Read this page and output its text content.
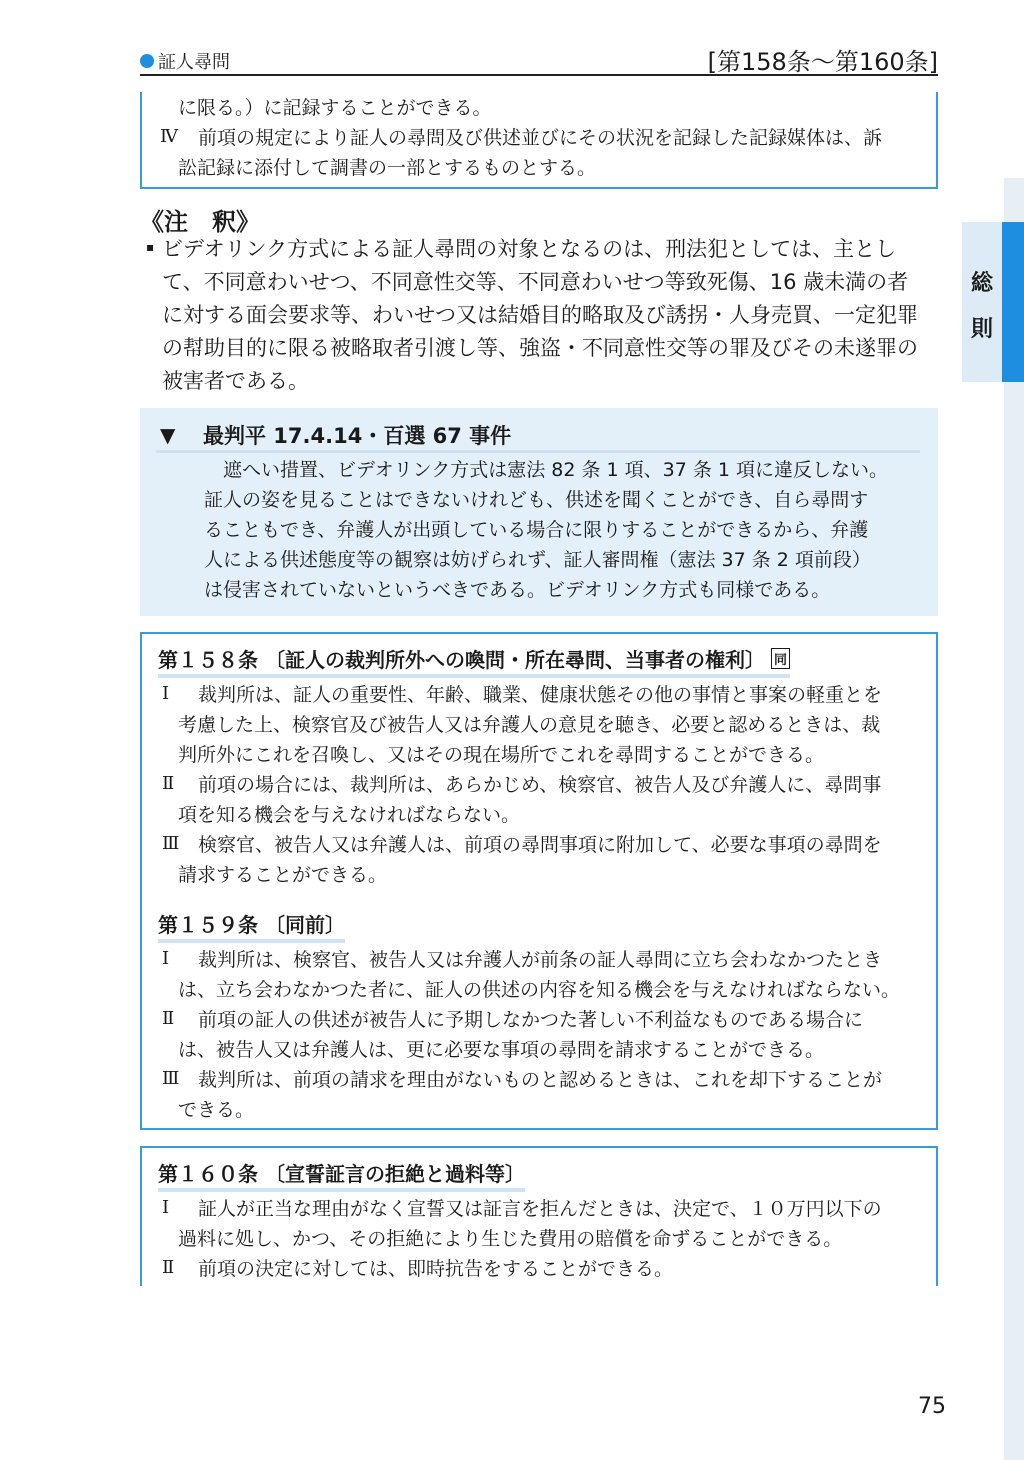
証人尋問	[第158条～第160条]
総
則
に限る。）に記録することができる。
Ⅳ 前項の規定により証人の尋問及び供述並びにその状況を記録した記録媒体は、訴
訟記録に添付して調書の一部とするものとする。
《注　釈》
▪ ビデオリンク方式による証人尋問の対象となるのは、刑法犯としては、主とし
て、不同意わいせつ、不同意性交等、不同意わいせつ等致死傷、16 歳未満の者
に対する面会要求等、わいせつ又は結婚目的略取及び誘拐・人身売買、一定犯罪
の幇助目的に限る被略取者引渡し等、強盗・不同意性交等の罪及びその未遂罪の
被害者である。
▼ 最判平 17.4.14・百選 67 事件
　遮へい措置、ビデオリンク方式は憲法 82 条 1 項、37 条 1 項に違反しない。
証人の姿を見ることはできないけれども、供述を聞くことができ、自ら尋問す
ることもでき、弁護人が出頭している場合に限りすることができるから、弁護
人による供述態度等の観察は妨げられず、証人審問権（憲法 37 条 2 項前段）
は侵害されていないというべきである。ビデオリンク方式も同様である。
第１５８条 〔証人の裁判所外への喚問・所在尋問、当事者の権利〕 同
Ⅰ 裁判所は、証人の重要性、年齢、職業、健康状態その他の事情と事案の軽重とを
考慮した上、検察官及び被告人又は弁護人の意見を聴き、必要と認めるときは、裁
判所外にこれを召喚し、又はその現在場所でこれを尋問することができる。
Ⅱ 前項の場合には、裁判所は、あらかじめ、検察官、被告人及び弁護人に、尋問事
項を知る機会を与えなければならない。
Ⅲ 検察官、被告人又は弁護人は、前項の尋問事項に附加して、必要な事項の尋問を
請求することができる。
第１５９条 〔同前〕
Ⅰ 裁判所は、検察官、被告人又は弁護人が前条の証人尋問に立ち会わなかつたとき
は、立ち会わなかつた者に、証人の供述の内容を知る機会を与えなければならない。
Ⅱ 前項の証人の供述が被告人に予期しなかつた著しい不利益なものである場合に
は、被告人又は弁護人は、更に必要な事項の尋問を請求することができる。
Ⅲ 裁判所は、前項の請求を理由がないものと認めるときは、これを却下することが
できる。
第１６０条 〔宣誓証言の拒絶と過料等〕
Ⅰ 証人が正当な理由がなく宣誓又は証言を拒んだときは、決定で、１０万円以下の
過料に処し、かつ、その拒絶により生じた費用の賠償を命ずることができる。
Ⅱ 前項の決定に対しては、即時抗告をすることができる。
75
